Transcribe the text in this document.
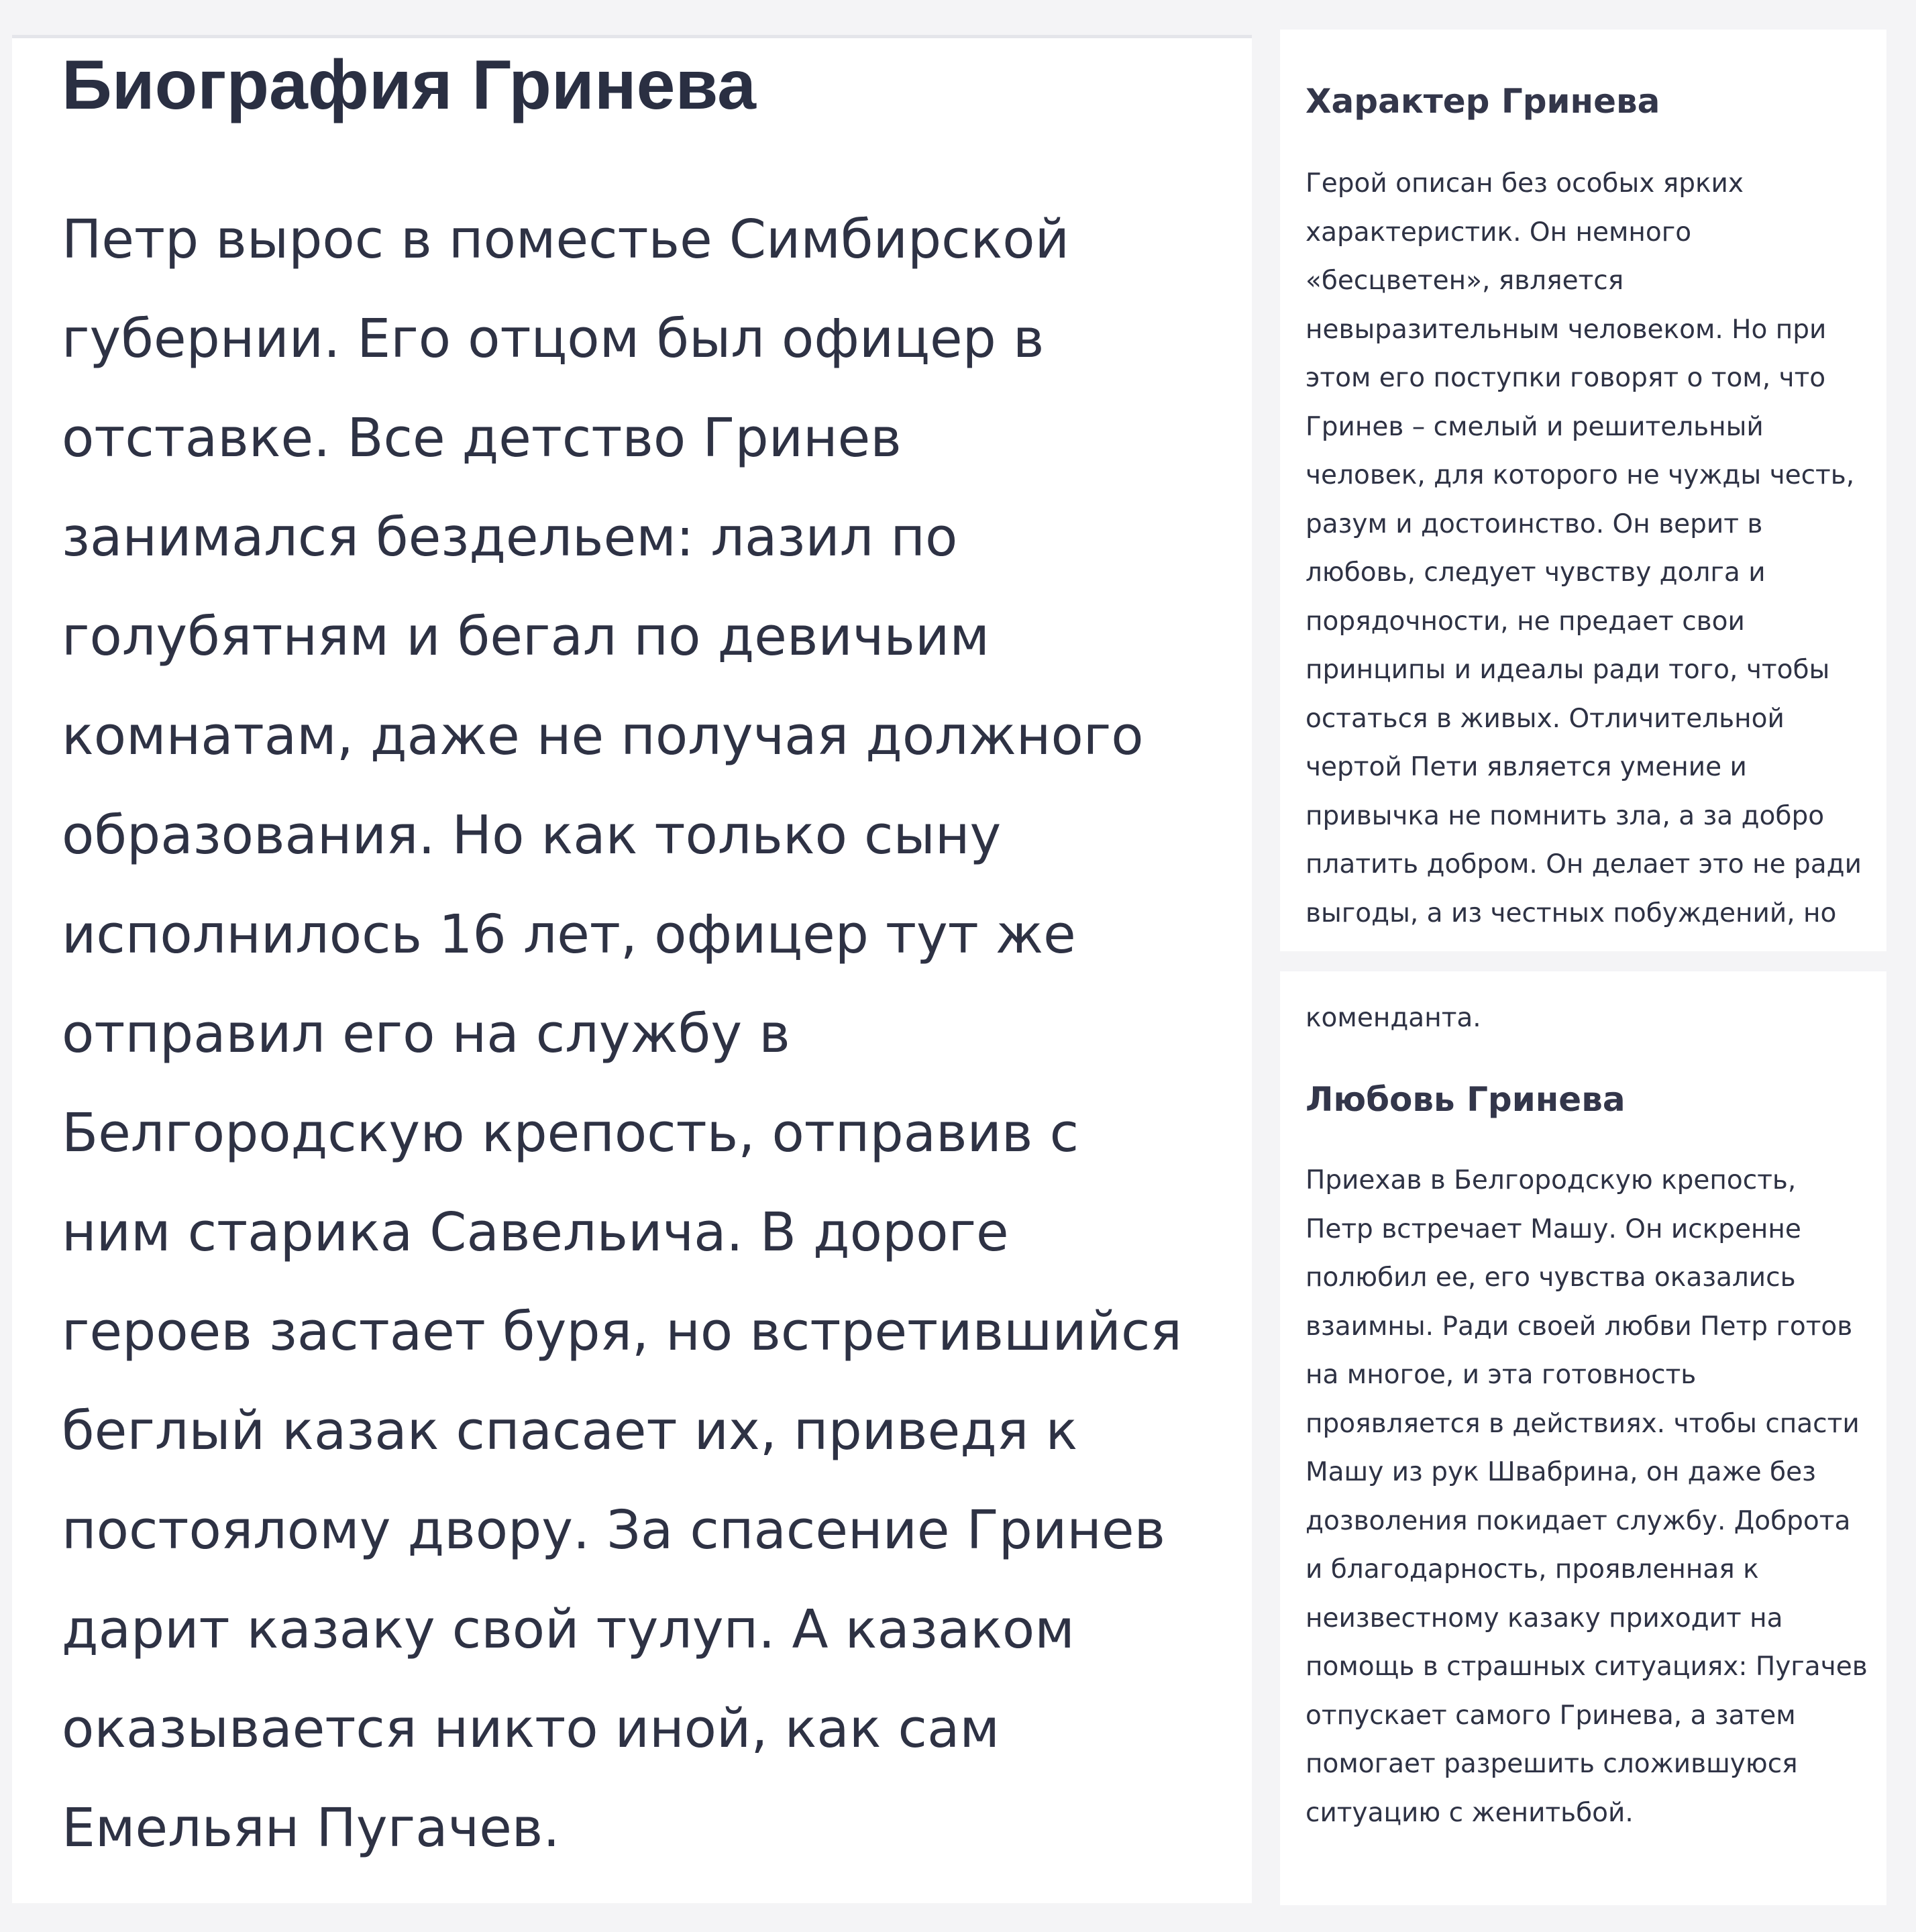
Биография Гринева
Петр вырос в поместье Симбирской
губернии. Его отцом был офицер в
отставке. Все детство Гринев
занимался бездельем: лазил по
голубятням и бегал по девичьим
комнатам, даже не получая должного
образования. Но как только сыну
исполнилось 16 лет, офицер тут же
отправил его на службу в
Белгородскую крепость, отправив с
ним старика Савельича. В дороге
героев застает буря, но встретившийся
беглый казак спасает их, приведя к
постоялому двору. За спасение Гринев
дарит казаку свой тулуп. А казаком
оказывается никто иной, как сам
Емельян Пугачев.
Характер Гринева
Герой описан без особых ярких
характеристик. Он немного
«бесцветен», является
невыразительным человеком. Но при
этом его поступки говорят о том, что
Гринев – смелый и решительный
человек, для которого не чужды честь,
разум и достоинство. Он верит в
любовь, следует чувству долга и
порядочности, не предает свои
принципы и идеалы ради того, чтобы
остаться в живых. Отличительной
чертой Пети является умение и
привычка не помнить зла, а за добро
платить добром. Он делает это не ради
выгоды, а из честных побуждений, но
коменданта.
Любовь Гринева
Приехав в Белгородскую крепость,
Петр встречает Машу. Он искренне
полюбил ее, его чувства оказались
взаимны. Ради своей любви Петр готов
на многое, и эта готовность
проявляется в действиях. чтобы спасти
Машу из рук Швабрина, он даже без
дозволения покидает службу. Доброта
и благодарность, проявленная к
неизвестному казаку приходит на
помощь в страшных ситуациях: Пугачев
отпускает самого Гринева, а затем
помогает разрешить сложившуюся
ситуацию с женитьбой.
